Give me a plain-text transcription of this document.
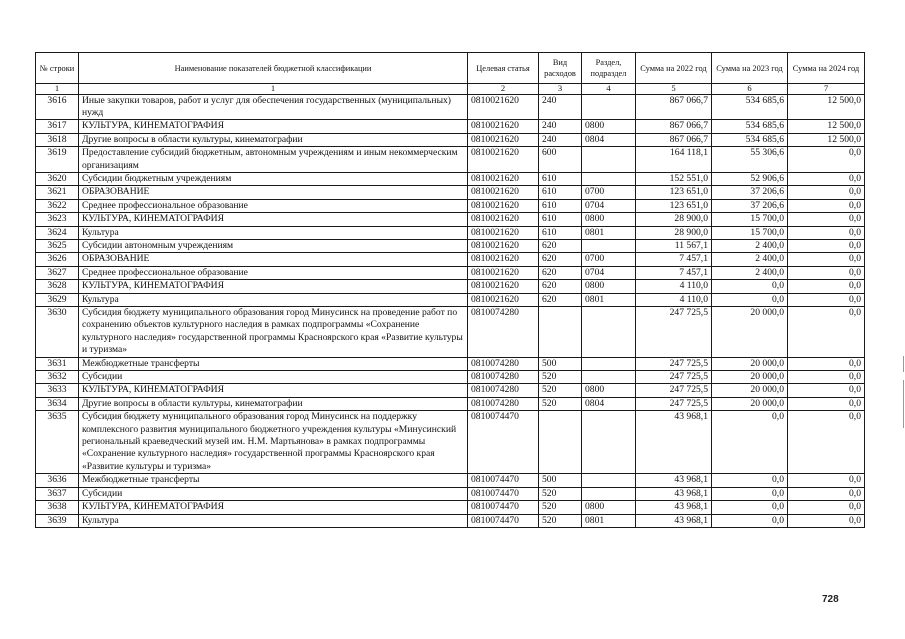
№ строки	Наименование показателей бюджетной классификации	Целевая статья	Вид расходов	Раздел, подраздел	Сумма на 2022 год	Сумма на 2023 год	Сумма на 2024 год
1	1	2	3	4	5	6	7
3616	Иные закупки товаров, работ и услуг для обеспечения государственных (муниципальных) нужд	0810021620	240		867 066,7	534 685,6	12 500,0
3617	КУЛЬТУРА, КИНЕМАТОГРАФИЯ	0810021620	240	0800	867 066,7	534 685,6	12 500,0
3618	Другие вопросы в области культуры, кинематографии	0810021620	240	0804	867 066,7	534 685,6	12 500,0
3619	Предоставление субсидий бюджетным, автономным учреждениям и иным некоммерческим организациям	0810021620	600		164 118,1	55 306,6	0,0
3620	Субсидии бюджетным учреждениям	0810021620	610		152 551,0	52 906,6	0,0
3621	ОБРАЗОВАНИЕ	0810021620	610	0700	123 651,0	37 206,6	0,0
3622	Среднее профессиональное образование	0810021620	610	0704	123 651,0	37 206,6	0,0
3623	КУЛЬТУРА, КИНЕМАТОГРАФИЯ	0810021620	610	0800	28 900,0	15 700,0	0,0
3624	Культура	0810021620	610	0801	28 900,0	15 700,0	0,0
3625	Субсидии автономным учреждениям	0810021620	620		11 567,1	2 400,0	0,0
3626	ОБРАЗОВАНИЕ	0810021620	620	0700	7 457,1	2 400,0	0,0
3627	Среднее профессиональное образование	0810021620	620	0704	7 457,1	2 400,0	0,0
3628	КУЛЬТУРА, КИНЕМАТОГРАФИЯ	0810021620	620	0800	4 110,0	0,0	0,0
3629	Культура	0810021620	620	0801	4 110,0	0,0	0,0
3630	Субсидия бюджету муниципального образования город Минусинск на проведение работ по сохранению объектов культурного наследия в рамках подпрограммы «Сохранение культурного наследия» государственной программы Красноярского края «Развитие культуры и туризма»	0810074280			247 725,5	20 000,0	0,0
3631	Межбюджетные трансферты	0810074280	500		247 725,5	20 000,0	0,0
3632	Субсидии	0810074280	520		247 725,5	20 000,0	0,0
3633	КУЛЬТУРА, КИНЕМАТОГРАФИЯ	0810074280	520	0800	247 725,5	20 000,0	0,0
3634	Другие вопросы в области культуры, кинематографии	0810074280	520	0804	247 725,5	20 000,0	0,0
3635	Субсидия бюджету муниципального образования город Минусинск на поддержку комплексного развития муниципального бюджетного учреждения культуры «Минусинский региональный краеведческий музей им. Н.М. Мартьянова» в рамках подпрограммы «Сохранение культурного наследия» государственной программы Красноярского края «Развитие культуры и туризма»	0810074470			43 968,1	0,0	0,0
3636	Межбюджетные трансферты	0810074470	500		43 968,1	0,0	0,0
3637	Субсидии	0810074470	520		43 968,1	0,0	0,0
3638	КУЛЬТУРА, КИНЕМАТОГРАФИЯ	0810074470	520	0800	43 968,1	0,0	0,0
3639	Культура	0810074470	520	0801	43 968,1	0,0	0,0
728
